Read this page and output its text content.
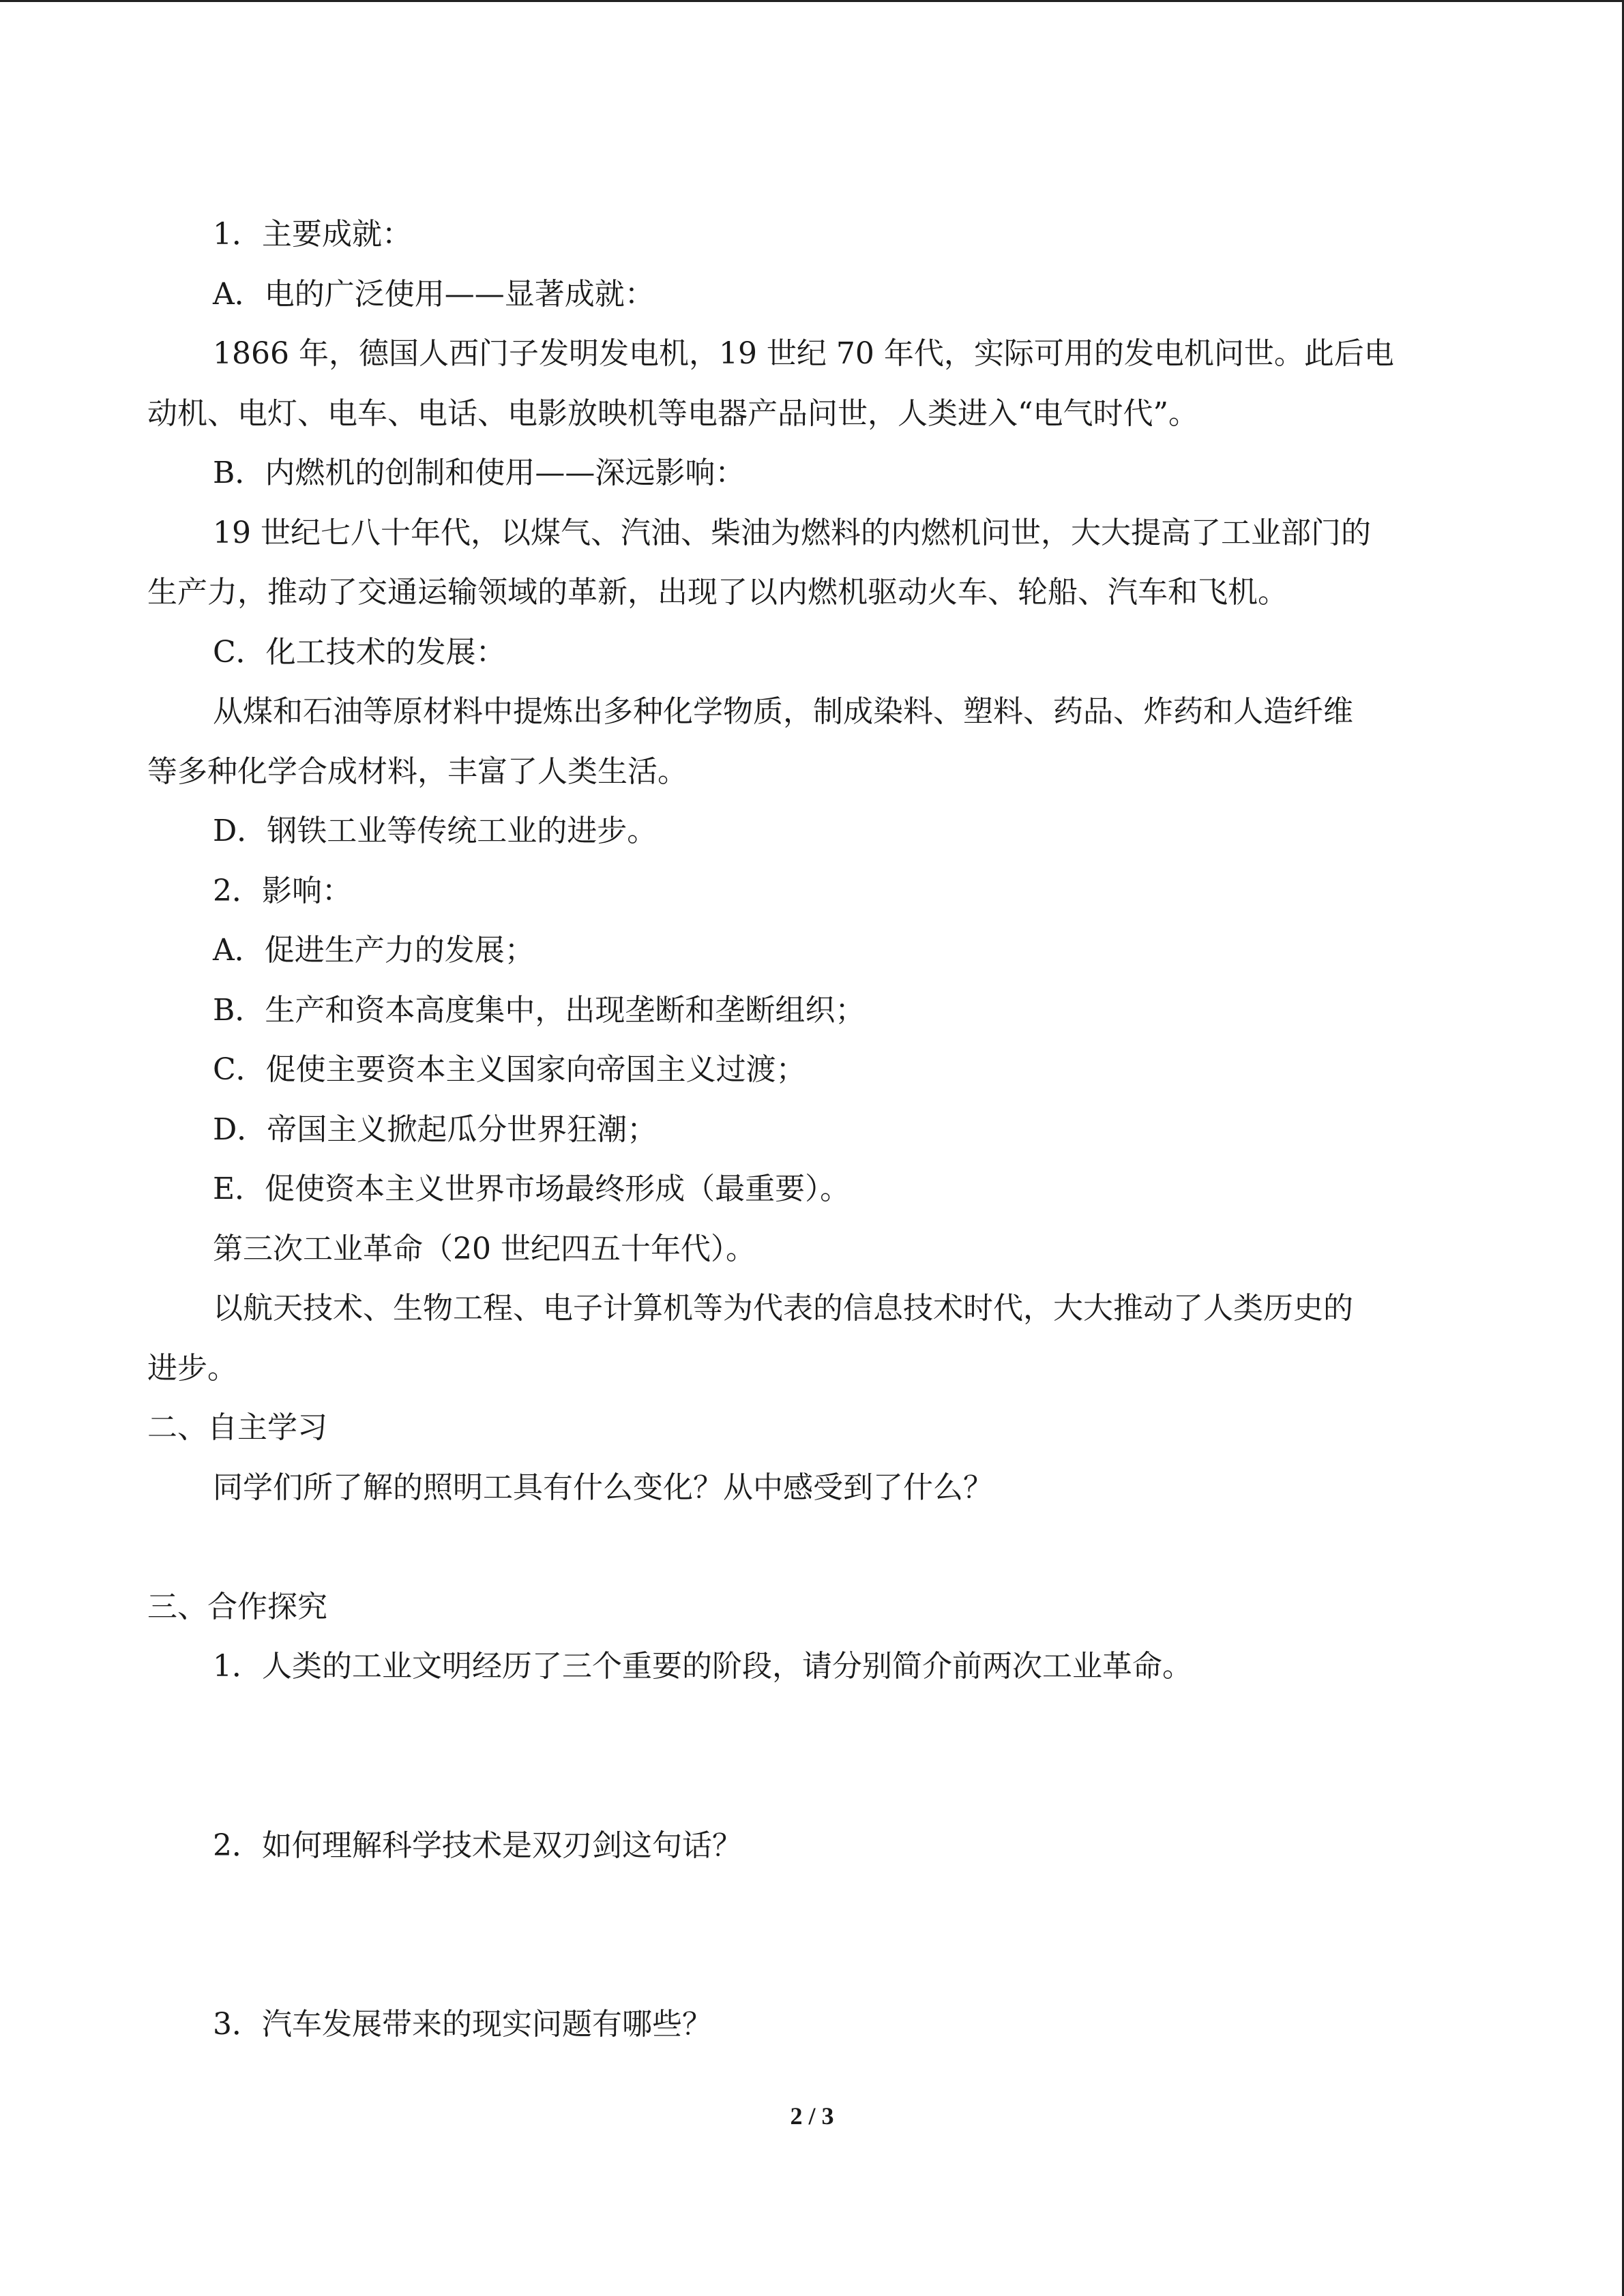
1．主要成就：

A．电的广泛使用——显著成就：

1866 年，德国人西门子发明发电机，19 世纪 70 年代，实际可用的发电机问世。此后电

动机、电灯、电车、电话、电影放映机等电器产品问世，人类进入“电气时代”。

B．内燃机的创制和使用——深远影响：

19 世纪七八十年代，以煤气、汽油、柴油为燃料的内燃机问世，大大提高了工业部门的

生产力，推动了交通运输领域的革新，出现了以内燃机驱动火车、轮船、汽车和飞机。

C．化工技术的发展：

从煤和石油等原材料中提炼出多种化学物质，制成染料、塑料、药品、炸药和人造纤维

等多种化学合成材料，丰富了人类生活。

D．钢铁工业等传统工业的进步。

2．影响：

A．促进生产力的发展；

B．生产和资本高度集中，出现垄断和垄断组织；

C．促使主要资本主义国家向帝国主义过渡；

D．帝国主义掀起瓜分世界狂潮；

E．促使资本主义世界市场最终形成（最重要）。

第三次工业革命（20 世纪四五十年代）。

以航天技术、生物工程、电子计算机等为代表的信息技术时代，大大推动了人类历史的

进步。

二、自主学习

同学们所了解的照明工具有什么变化？从中感受到了什么？

三、合作探究

1．人类的工业文明经历了三个重要的阶段，请分别简介前两次工业革命。

2．如何理解科学技术是双刃剑这句话？

3．汽车发展带来的现实问题有哪些？

2 / 3
